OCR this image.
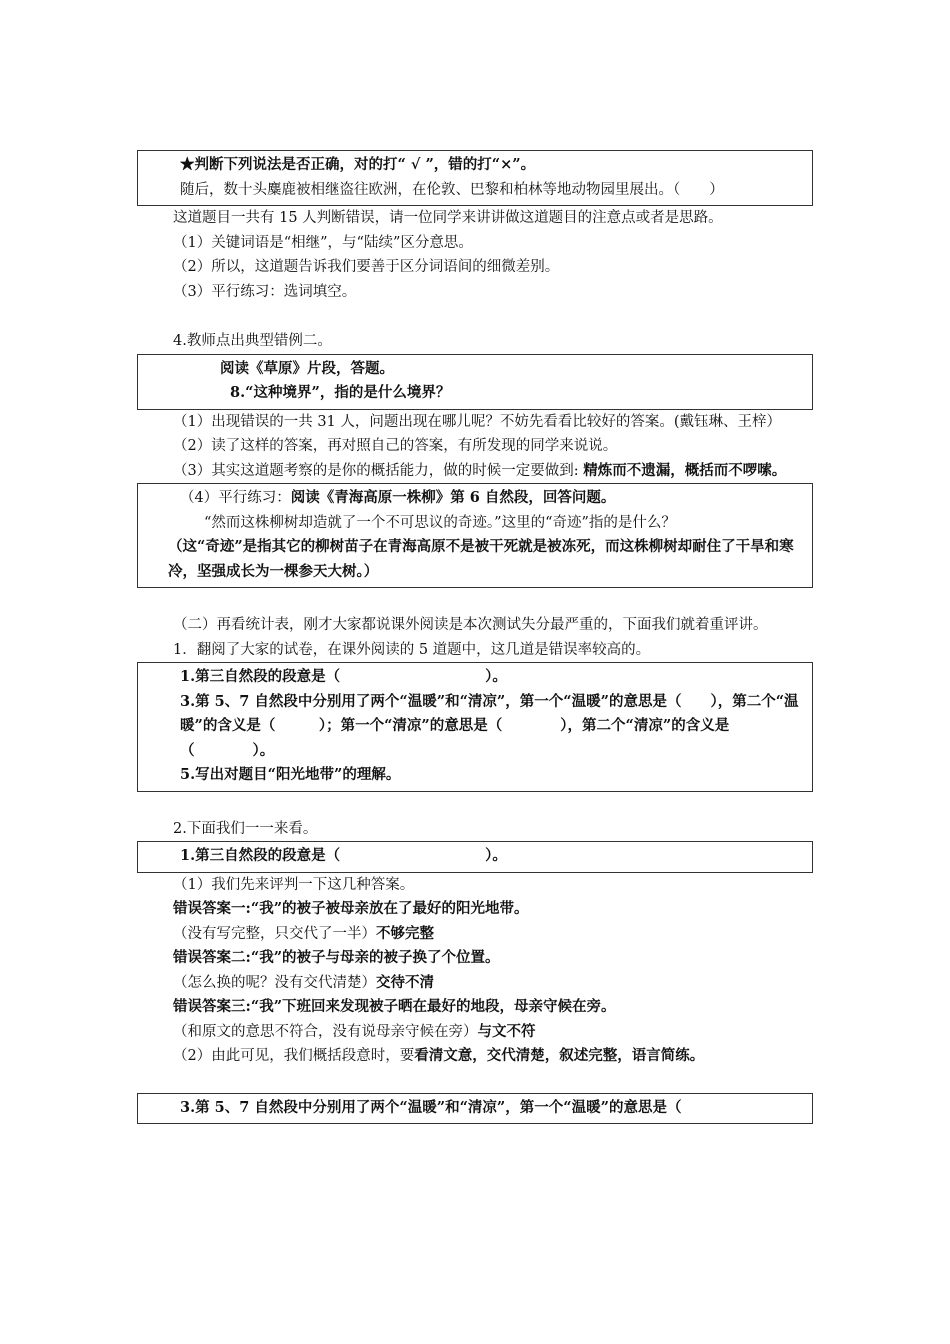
★判断下列说法是否正确，对的打“ √ ”，错的打“×”。
随后，数十头麋鹿被相继盗往欧洲，在伦敦、巴黎和柏林等地动物园里展出。（　　）
这道题目一共有 15 人判断错误，请一位同学来讲讲做这道题目的注意点或者是思路。
（1）关键词语是“相继”，与“陆续”区分意思。
（2）所以，这道题告诉我们要善于区分词语间的细微差别。
（3）平行练习：选词填空。
4.教师点出典型错例二。
阅读《草原》片段，答题。
8.“这种境界”，指的是什么境界？
（1）出现错误的一共 31 人，问题出现在哪儿呢？不妨先看看比较好的答案。(戴钰琳、王梓）
（2）读了这样的答案，再对照自己的答案，有所发现的同学来说说。
（3）其实这道题考察的是你的概括能力，做的时候一定要做到: 精炼而不遗漏，概括而不啰嗦。
（4）平行练习：阅读《青海高原一株柳》第 6 自然段，回答问题。
“然而这株柳树却造就了一个不可思议的奇迹。”这里的“奇迹”指的是什么？
（这“奇迹”是指其它的柳树苗子在青海高原不是被干死就是被冻死，而这株柳树却耐住了干旱和寒冷，坚强成长为一棵参天大树。）
（二）再看统计表，刚才大家都说课外阅读是本次测试失分最严重的，下面我们就着重评讲。
1．翻阅了大家的试卷，在课外阅读的 5 道题中，这几道是错误率较高的。
1.第三自然段的段意是（　　　　　　　　　　）。
3.第 5、7 自然段中分别用了两个“温暖”和“清凉”，第一个“温暖”的意思是（　　），第二个“温暖”的含义是（　　　）；第一个“清凉”的意思是（　　　　），第二个“清凉”的含义是（　　　　）。
5.写出对题目“阳光地带”的理解。
2.下面我们一一来看。
1.第三自然段的段意是（　　　　　　　　　　）。
（1）我们先来评判一下这几种答案。
错误答案一:“我”的被子被母亲放在了最好的阳光地带。
（没有写完整，只交代了一半）不够完整
错误答案二:“我”的被子与母亲的被子换了个位置。
（怎么换的呢？没有交代清楚）交待不清
错误答案三:“我”下班回来发现被子晒在最好的地段，母亲守候在旁。
（和原文的意思不符合，没有说母亲守候在旁）与文不符
（2）由此可见，我们概括段意时，要看清文意，交代清楚，叙述完整，语言简练。
3.第 5、7 自然段中分别用了两个“温暖”和“清凉”，第一个“温暖”的意思是（
